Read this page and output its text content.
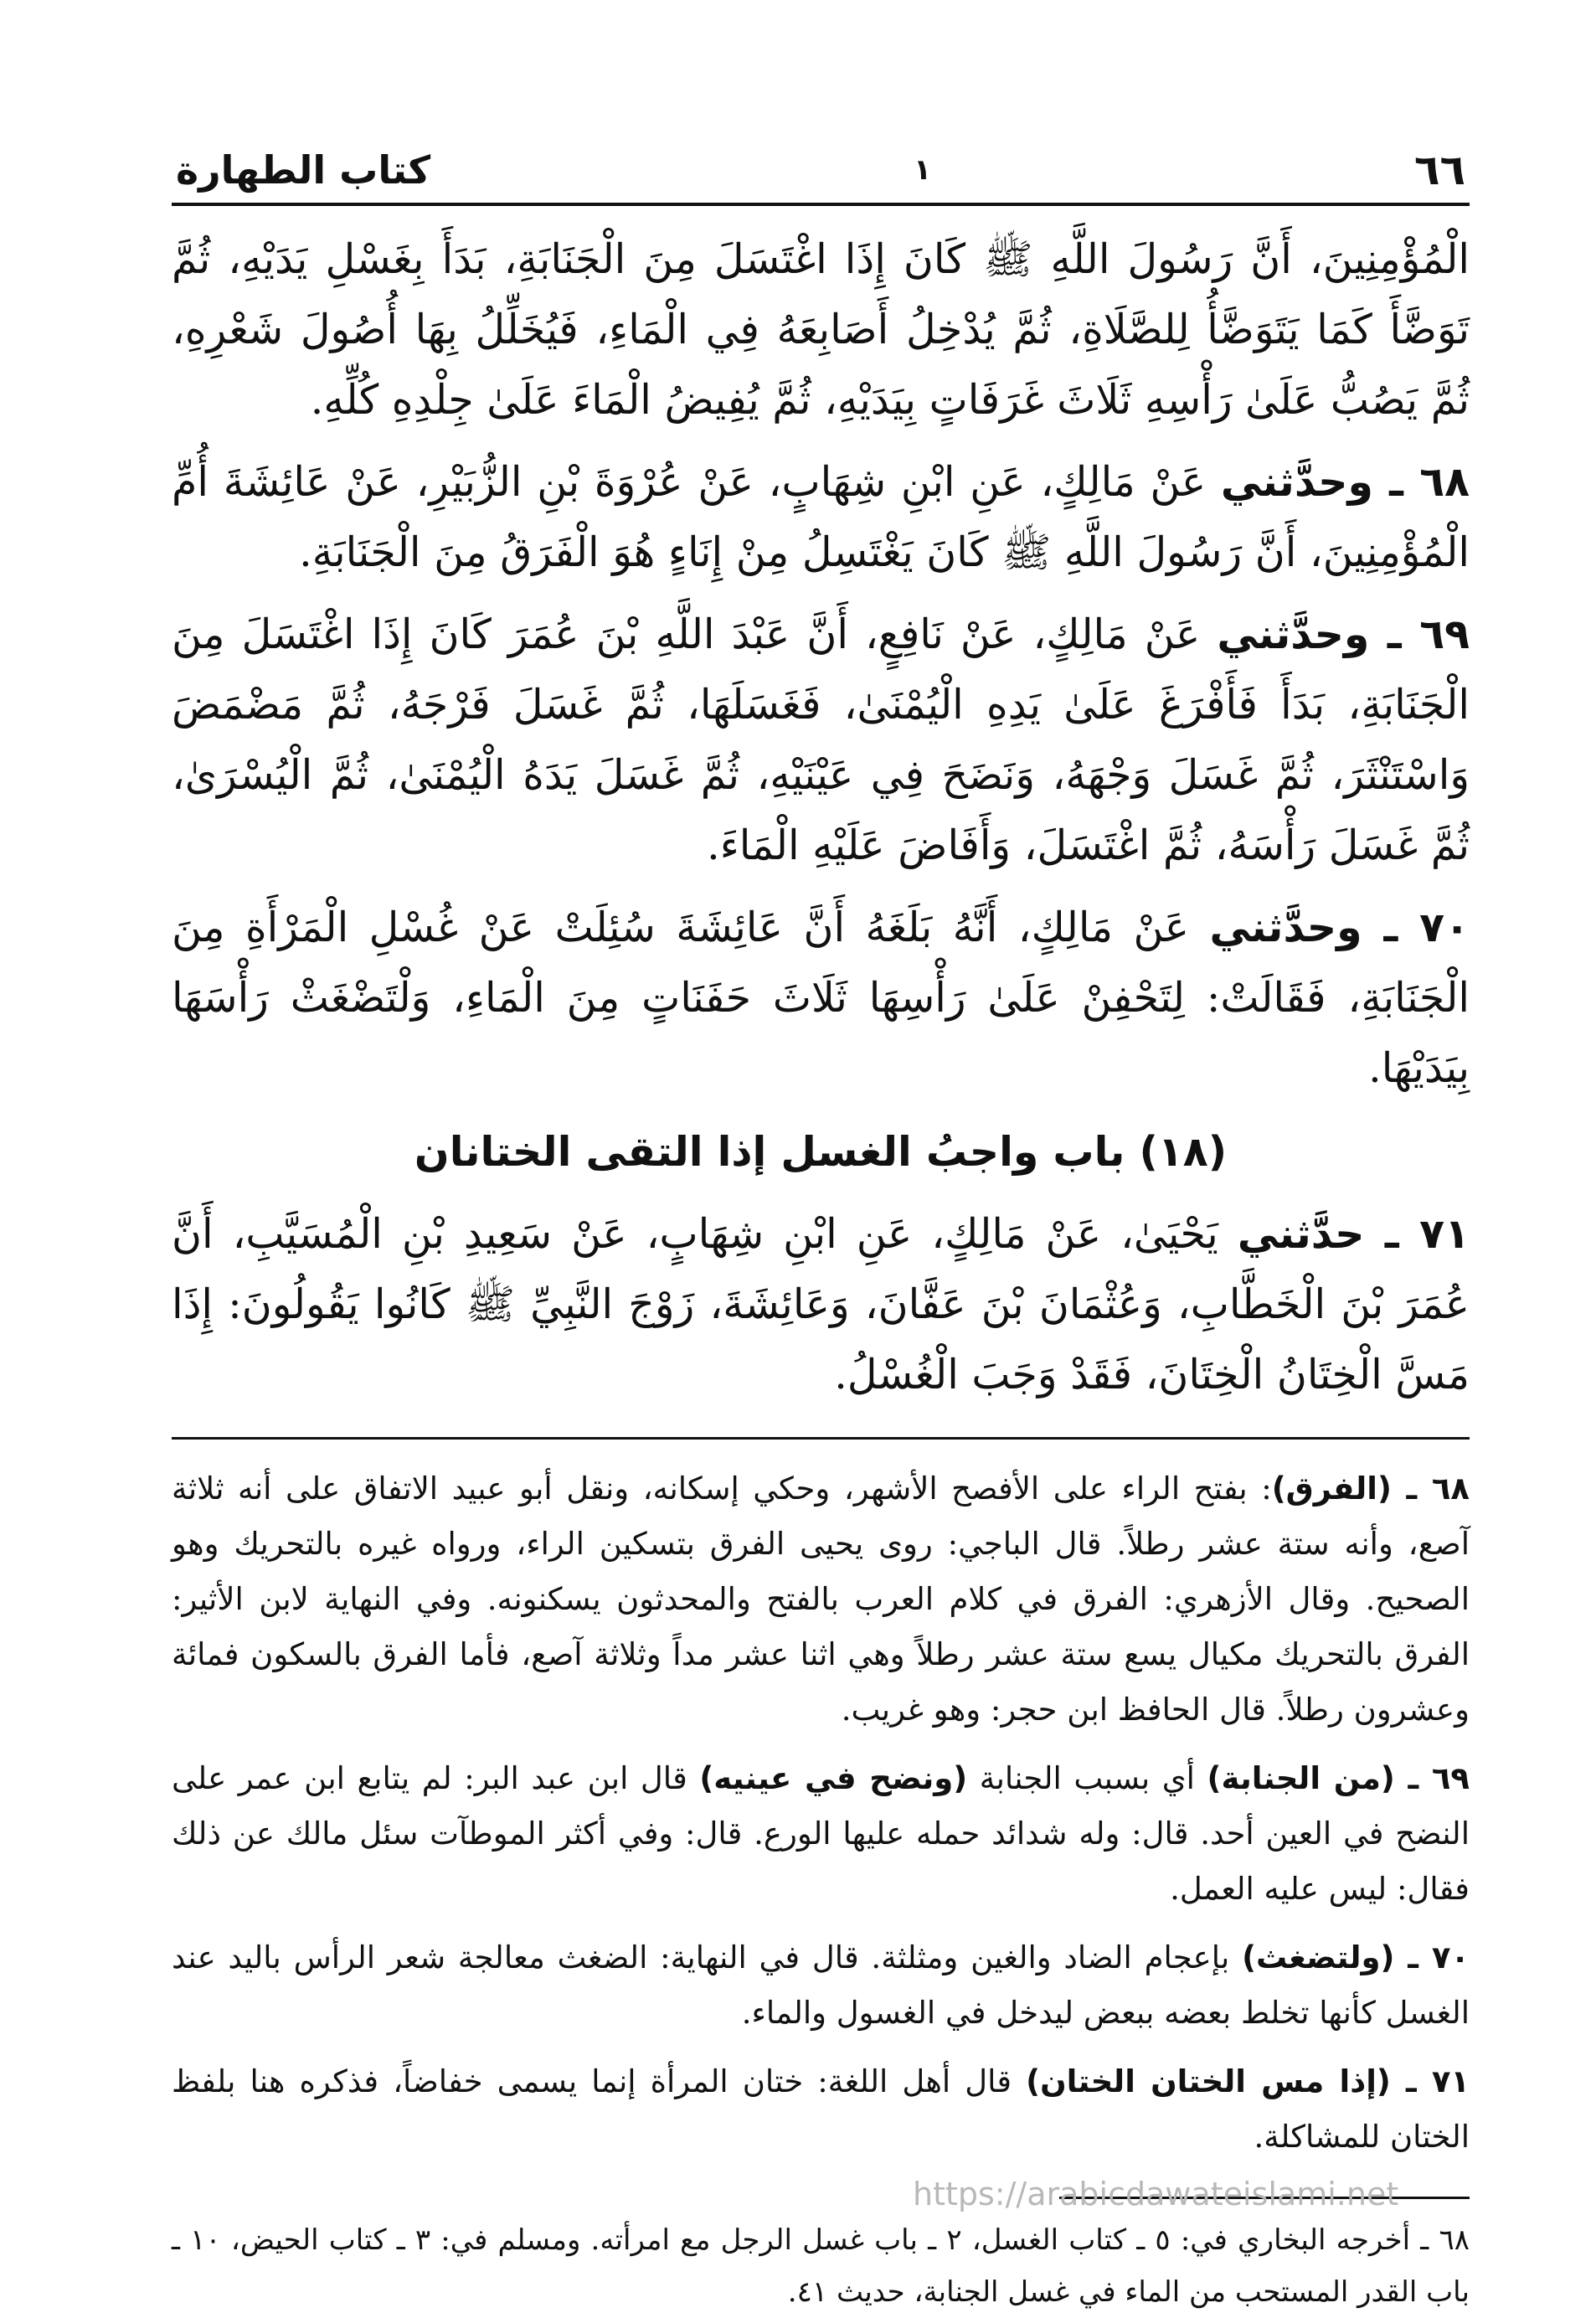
٦٦
١
كتاب الطهارة

الْمُؤْمِنِينَ، أَنَّ رَسُولَ اللَّهِ ﷺ كَانَ إِذَا اغْتَسَلَ مِنَ الْجَنَابَةِ، بَدَأَ بِغَسْلِ يَدَيْهِ، ثُمَّ تَوَضَّأَ كَمَا يَتَوَضَّأُ لِلصَّلَاةِ، ثُمَّ يُدْخِلُ أَصَابِعَهُ فِي الْمَاءِ، فَيُخَلِّلُ بِهَا أُصُولَ شَعْرِهِ، ثُمَّ يَصُبُّ عَلَىٰ رَأْسِهِ ثَلَاثَ غَرَفَاتٍ بِيَدَيْهِ، ثُمَّ يُفِيضُ الْمَاءَ عَلَىٰ جِلْدِهِ كُلِّهِ.

٦٨ ـ وحدَّثني عَنْ مَالِكٍ، عَنِ ابْنِ شِهَابٍ، عَنْ عُرْوَةَ بْنِ الزُّبَيْرِ، عَنْ عَائِشَةَ أُمِّ الْمُؤْمِنِينَ، أَنَّ رَسُولَ اللَّهِ ﷺ كَانَ يَغْتَسِلُ مِنْ إِنَاءٍ هُوَ الْفَرَقُ مِنَ الْجَنَابَةِ.

٦٩ ـ وحدَّثني عَنْ مَالِكٍ، عَنْ نَافِعٍ، أَنَّ عَبْدَ اللَّهِ بْنَ عُمَرَ كَانَ إِذَا اغْتَسَلَ مِنَ الْجَنَابَةِ، بَدَأَ فَأَفْرَغَ عَلَىٰ يَدِهِ الْيُمْنَىٰ، فَغَسَلَهَا، ثُمَّ غَسَلَ فَرْجَهُ، ثُمَّ مَضْمَضَ وَاسْتَنْثَرَ، ثُمَّ غَسَلَ وَجْهَهُ، وَنَضَحَ فِي عَيْنَيْهِ، ثُمَّ غَسَلَ يَدَهُ الْيُمْنَىٰ، ثُمَّ الْيُسْرَىٰ، ثُمَّ غَسَلَ رَأْسَهُ، ثُمَّ اغْتَسَلَ، وَأَفَاضَ عَلَيْهِ الْمَاءَ.

٧٠ ـ وحدَّثني عَنْ مَالِكٍ، أَنَّهُ بَلَغَهُ أَنَّ عَائِشَةَ سُئِلَتْ عَنْ غُسْلِ الْمَرْأَةِ مِنَ الْجَنَابَةِ، فَقَالَتْ: لِتَحْفِنْ عَلَىٰ رَأْسِهَا ثَلَاثَ حَفَنَاتٍ مِنَ الْمَاءِ، وَلْتَضْغَثْ رَأْسَهَا بِيَدَيْهَا.

(١٨) باب واجبُ الغسل إذا التقى الختانان

٧١ ـ حدَّثني يَحْيَىٰ، عَنْ مَالِكٍ، عَنِ ابْنِ شِهَابٍ، عَنْ سَعِيدِ بْنِ الْمُسَيَّبِ، أَنَّ عُمَرَ بْنَ الْخَطَّابِ، وَعُثْمَانَ بْنَ عَفَّانَ، وَعَائِشَةَ، زَوْجَ النَّبِيِّ ﷺ كَانُوا يَقُولُونَ: إِذَا مَسَّ الْخِتَانُ الْخِتَانَ، فَقَدْ وَجَبَ الْغُسْلُ.

٦٨ ـ (الفرق): بفتح الراء على الأفصح الأشهر، وحكي إسكانه، ونقل أبو عبيد الاتفاق على أنه ثلاثة آصع، وأنه ستة عشر رطلاً. قال الباجي: روى يحيى الفرق بتسكين الراء، ورواه غيره بالتحريك وهو الصحيح. وقال الأزهري: الفرق في كلام العرب بالفتح والمحدثون يسكنونه. وفي النهاية لابن الأثير: الفرق بالتحريك مكيال يسع ستة عشر رطلاً وهي اثنا عشر مداً وثلاثة آصع، فأما الفرق بالسكون فمائة وعشرون رطلاً. قال الحافظ ابن حجر: وهو غريب.

٦٩ ـ (من الجنابة) أي بسبب الجنابة (ونضح في عينيه) قال ابن عبد البر: لم يتابع ابن عمر على النضح في العين أحد. قال: وله شدائد حمله عليها الورع. قال: وفي أكثر الموطآت سئل مالك عن ذلك فقال: ليس عليه العمل.

٧٠ ـ (ولتضغث) بإعجام الضاد والغين ومثلثة. قال في النهاية: الضغث معالجة شعر الرأس باليد عند الغسل كأنها تخلط بعضه ببعض ليدخل في الغسول والماء.

٧١ ـ (إذا مس الختان الختان) قال أهل اللغة: ختان المرأة إنما يسمى خفاضاً، فذكره هنا بلفظ الختان للمشاكلة.

٦٨ ـ أخرجه البخاري في: ٥ ـ كتاب الغسل، ٢ ـ باب غسل الرجل مع امرأته. ومسلم في: ٣ ـ كتاب الحيض، ١٠ ـ باب القدر المستحب من الماء في غسل الجنابة، حديث ٤١.

https://arabicdawateislami.net
